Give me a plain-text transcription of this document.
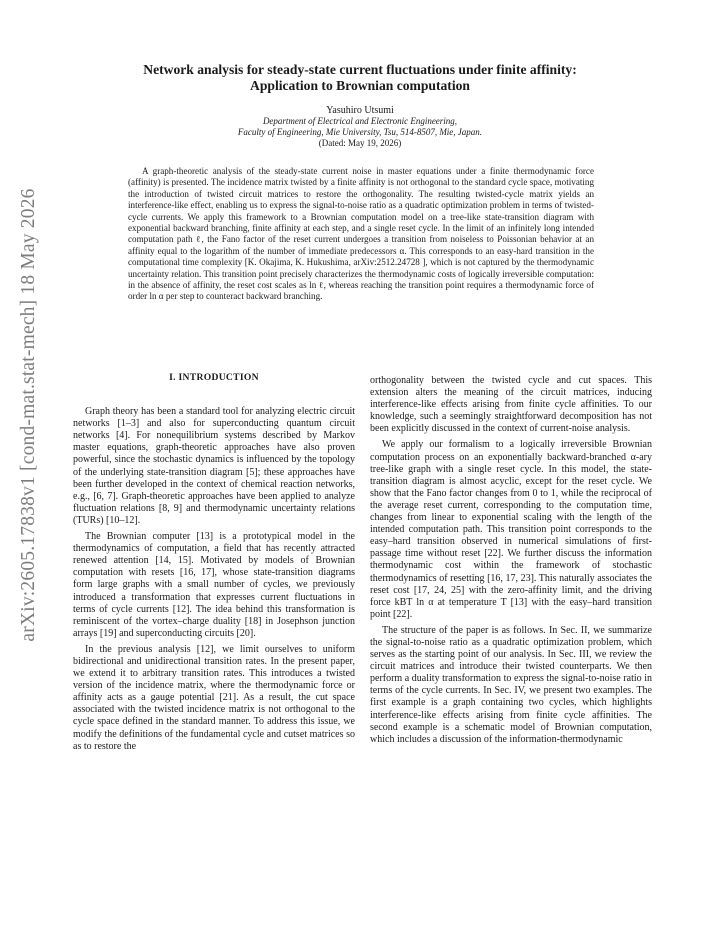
arXiv:2605.17838v1 [cond-mat.stat-mech] 18 May 2026
Network analysis for steady-state current fluctuations under finite affinity:
Application to Brownian computation
Yasuhiro Utsumi
Department of Electrical and Electronic Engineering,
Faculty of Engineering, Mie University, Tsu, 514-8507, Mie, Japan.
(Dated: May 19, 2026)

A graph-theoretic analysis of the steady-state current noise in master equations under a finite thermodynamic force (affinity) is presented. The incidence matrix twisted by a finite affinity is not orthogonal to the standard cycle space, motivating the introduction of twisted circuit matrices to restore the orthogonality. The resulting twisted-cycle matrix yields an interference-like effect, enabling us to express the signal-to-noise ratio as a quadratic optimization problem in terms of twisted-cycle currents. We apply this framework to a Brownian computation model on a tree-like state-transition diagram with exponential backward branching, finite affinity at each step, and a single reset cycle. In the limit of an infinitely long intended computation path ℓ, the Fano factor of the reset current undergoes a transition from noiseless to Poissonian behavior at an affinity equal to the logarithm of the number of immediate predecessors α. This corresponds to an easy-hard transition in the computational time complexity [K. Okajima, K. Hukushima, arXiv:2512.24728 ], which is not captured by the thermodynamic uncertainty relation. This transition point precisely characterizes the thermodynamic costs of logically irreversible computation: in the absence of affinity, the reset cost scales as ln ℓ, whereas reaching the transition point requires a thermodynamic force of order ln α per step to counteract backward branching.

I. INTRODUCTION

Graph theory has been a standard tool for analyzing electric circuit networks [1–3] and also for superconducting quantum circuit networks [4]. For nonequilibrium systems described by Markov master equations, graph-theoretic approaches have also proven powerful, since the stochastic dynamics is influenced by the topology of the underlying state-transition diagram [5]; these approaches have been further developed in the context of chemical reaction networks, e.g., [6, 7]. Graph-theoretic approaches have been applied to analyze fluctuation relations [8, 9] and thermodynamic uncertainty relations (TURs) [10–12].

The Brownian computer [13] is a prototypical model in the thermodynamics of computation, a field that has recently attracted renewed attention [14, 15]. Motivated by models of Brownian computation with resets [16, 17], whose state-transition diagrams form large graphs with a small number of cycles, we previously introduced a transformation that expresses current fluctuations in terms of cycle currents [12]. The idea behind this transformation is reminiscent of the vortex–charge duality [18] in Josephson junction arrays [19] and superconducting circuits [20].

In the previous analysis [12], we limit ourselves to uniform bidirectional and unidirectional transition rates. In the present paper, we extend it to arbitrary transition rates. This introduces a twisted version of the incidence matrix, where the thermodynamic force or affinity acts as a gauge potential [21]. As a result, the cut space associated with the twisted incidence matrix is not orthogonal to the cycle space defined in the standard manner. To address this issue, we modify the definitions of the fundamental cycle and cutset matrices so as to restore the

orthogonality between the twisted cycle and cut spaces. This extension alters the meaning of the circuit matrices, inducing interference-like effects arising from finite cycle affinities. To our knowledge, such a seemingly straightforward decomposition has not been explicitly discussed in the context of current-noise analysis.

We apply our formalism to a logically irreversible Brownian computation process on an exponentially backward-branched α-ary tree-like graph with a single reset cycle. In this model, the state-transition diagram is almost acyclic, except for the reset cycle. We show that the Fano factor changes from 0 to 1, while the reciprocal of the average reset current, corresponding to the computation time, changes from linear to exponential scaling with the length of the intended computation path. This transition point corresponds to the easy–hard transition observed in numerical simulations of first-passage time without reset [22]. We further discuss the information thermodynamic cost within the framework of stochastic thermodynamics of resetting [16, 17, 23]. This naturally associates the reset cost [17, 24, 25] with the zero-affinity limit, and the driving force kBT ln α at temperature T [13] with the easy–hard transition point [22].

The structure of the paper is as follows. In Sec. II, we summarize the signal-to-noise ratio as a quadratic optimization problem, which serves as the starting point of our analysis. In Sec. III, we review the circuit matrices and introduce their twisted counterparts. We then perform a duality transformation to express the signal-to-noise ratio in terms of the cycle currents. In Sec. IV, we present two examples. The first example is a graph containing two cycles, which highlights interference-like effects arising from finite cycle affinities. The second example is a schematic model of Brownian computation, which includes a discussion of the information-thermodynamic
